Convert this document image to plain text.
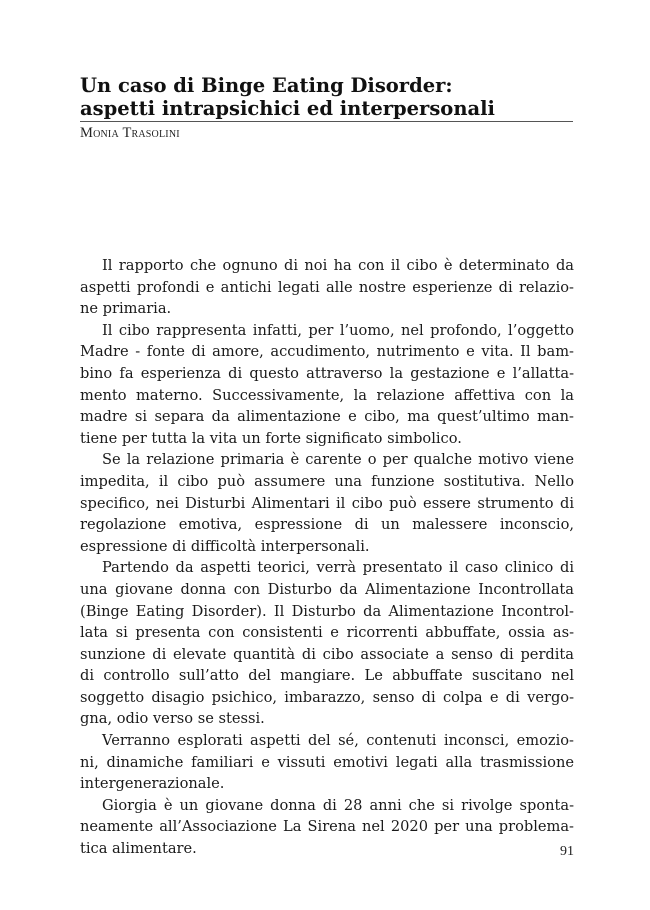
Un caso di Binge Eating Disorder:
aspetti intrapsichici ed interpersonali
Monia Trasolini
Il rapporto che ognuno di noi ha con il cibo è determinato da
aspetti profondi e antichi legati alle nostre esperienze di relazio-
ne primaria.
Il cibo rappresenta infatti, per l’uomo, nel profondo, l’oggetto
Madre - fonte di amore, accudimento, nutrimento e vita. Il bam-
bino fa esperienza di questo attraverso la gestazione e l’allatta-
mento materno. Successivamente, la relazione affettiva con la
madre si separa da alimentazione e cibo, ma quest’ultimo man-
tiene per tutta la vita un forte significato simbolico.
Se la relazione primaria è carente o per qualche motivo viene
impedita, il cibo può assumere una funzione sostitutiva. Nello
specifico, nei Disturbi Alimentari il cibo può essere strumento di
regolazione emotiva, espressione di un malessere inconscio,
espressione di difficoltà interpersonali.
Partendo da aspetti teorici, verrà presentato il caso clinico di
una giovane donna con Disturbo da Alimentazione Incontrollata
(Binge Eating Disorder). Il Disturbo da Alimentazione Incontrol-
lata si presenta con consistenti e ricorrenti abbuffate, ossia as-
sunzione di elevate quantità di cibo associate a senso di perdita
di controllo sull’atto del mangiare. Le abbuffate suscitano nel
soggetto disagio psichico, imbarazzo, senso di colpa e di vergo-
gna, odio verso se stessi.
Verranno esplorati aspetti del sé, contenuti inconsci, emozio-
ni, dinamiche familiari e vissuti emotivi legati alla trasmissione
intergenerazionale.
Giorgia è un giovane donna di 28 anni che si rivolge sponta-
neamente all’Associazione La Sirena nel 2020 per una problema-
tica alimentare.	91
